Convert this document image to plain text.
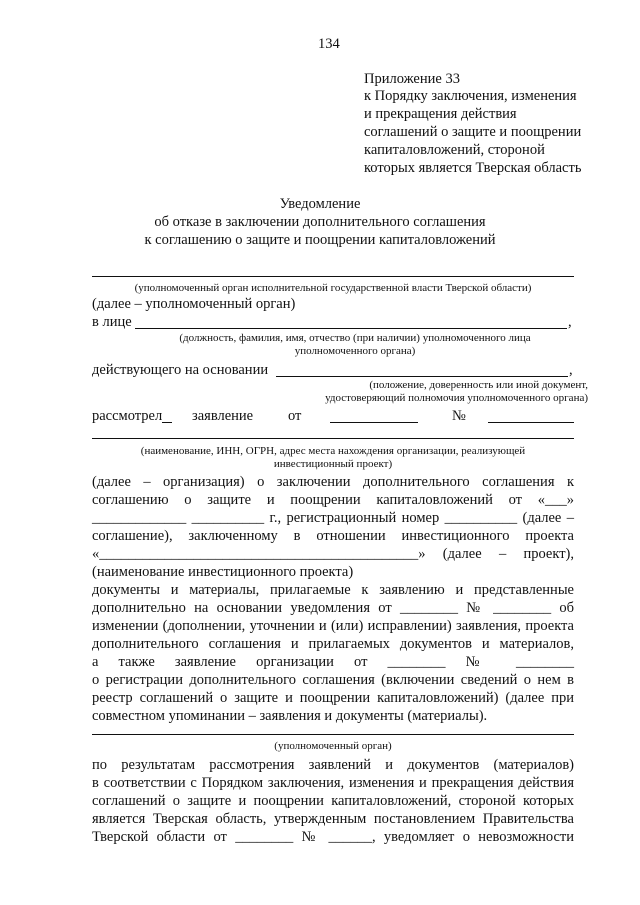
134
Приложение 33
к Порядку заключения, изменения
и прекращения действия
соглашений о защите и поощрении
капиталовложений, стороной
которых является Тверская область
Уведомление
об отказе в заключении дополнительного соглашения
к соглашению о защите и поощрении капиталовложений
(уполномоченный орган исполнительной государственной власти Тверской области)
(далее – уполномоченный орган)
в лице	,
(должность, фамилия, имя, отчество (при наличии) уполномоченного лица
уполномоченного органа)
действующего на основании	,
(положение, доверенность или иной документ,
удостоверяющий полномочия уполномоченного органа)
рассмотрел заявление от	№
(наименование, ИНН, ОГРН, адрес места нахождения организации, реализующей
инвестиционный проект)
(далее – организация) о заключении дополнительного соглашения к
соглашению о защите и поощрении капиталовложений от «___»
_____________ __________ г., регистрационный номер __________ (далее –
соглашение), заключенному в отношении инвестиционного проекта
«____________________________________________» (далее – проект),
(наименование инвестиционного проекта)
документы и материалы, прилагаемые к заявлению и представленные
дополнительно на основании уведомления от ________ № ________ об
изменении (дополнении, уточнении и (или) исправлении) заявления, проекта
дополнительного соглашения и прилагаемых документов и материалов,
а также заявление организации от ________ № ________
о регистрации дополнительного соглашения (включении сведений о нем в
реестр соглашений о защите и поощрении капиталовложений) (далее при
совместном упоминании – заявления и документы (материалы).
(уполномоченный орган)
по результатам рассмотрения заявлений и документов (материалов)
в соответствии с Порядком заключения, изменения и прекращения действия
соглашений о защите и поощрении капиталовложений, стороной которых
является Тверская область, утвержденным постановлением Правительства
Тверской области от ________ № ______, уведомляет о невозможности
